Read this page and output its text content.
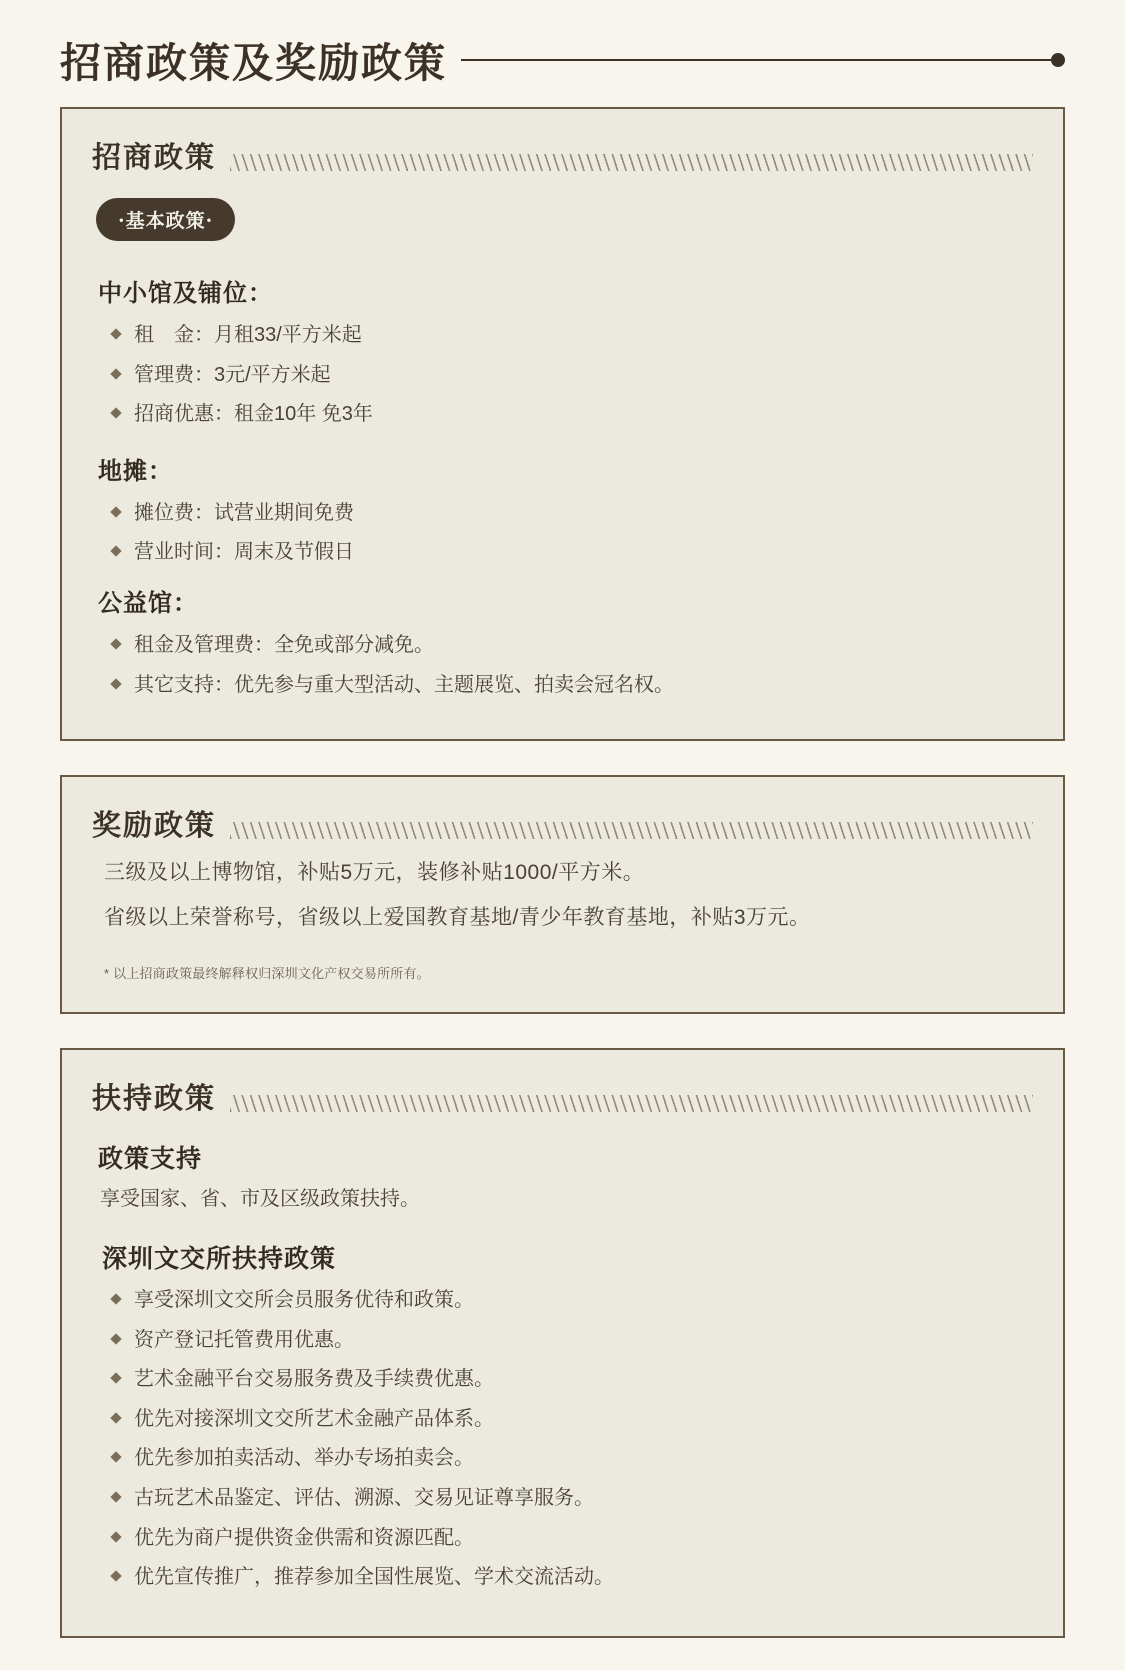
招商政策及奖励政策
招商政策
·基本政策·
中小馆及铺位：
租　金：月租33/平方米起
管理费：3元/平方米起
招商优惠：租金10年 免3年
地摊：
摊位费：试营业期间免费
营业时间：周末及节假日
公益馆：
租金及管理费：全免或部分减免。
其它支持：优先参与重大型活动、主题展览、拍卖会冠名权。
奖励政策
三级及以上博物馆，补贴5万元，装修补贴1000/平方米。
省级以上荣誉称号，省级以上爱国教育基地/青少年教育基地，补贴3万元。
* 以上招商政策最终解释权归深圳文化产权交易所所有。
扶持政策
政策支持
享受国家、省、市及区级政策扶持。
深圳文交所扶持政策
享受深圳文交所会员服务优待和政策。
资产登记托管费用优惠。
艺术金融平台交易服务费及手续费优惠。
优先对接深圳文交所艺术金融产品体系。
优先参加拍卖活动、举办专场拍卖会。
古玩艺术品鉴定、评估、溯源、交易见证尊享服务。
优先为商户提供资金供需和资源匹配。
优先宣传推广，推荐参加全国性展览、学术交流活动。
